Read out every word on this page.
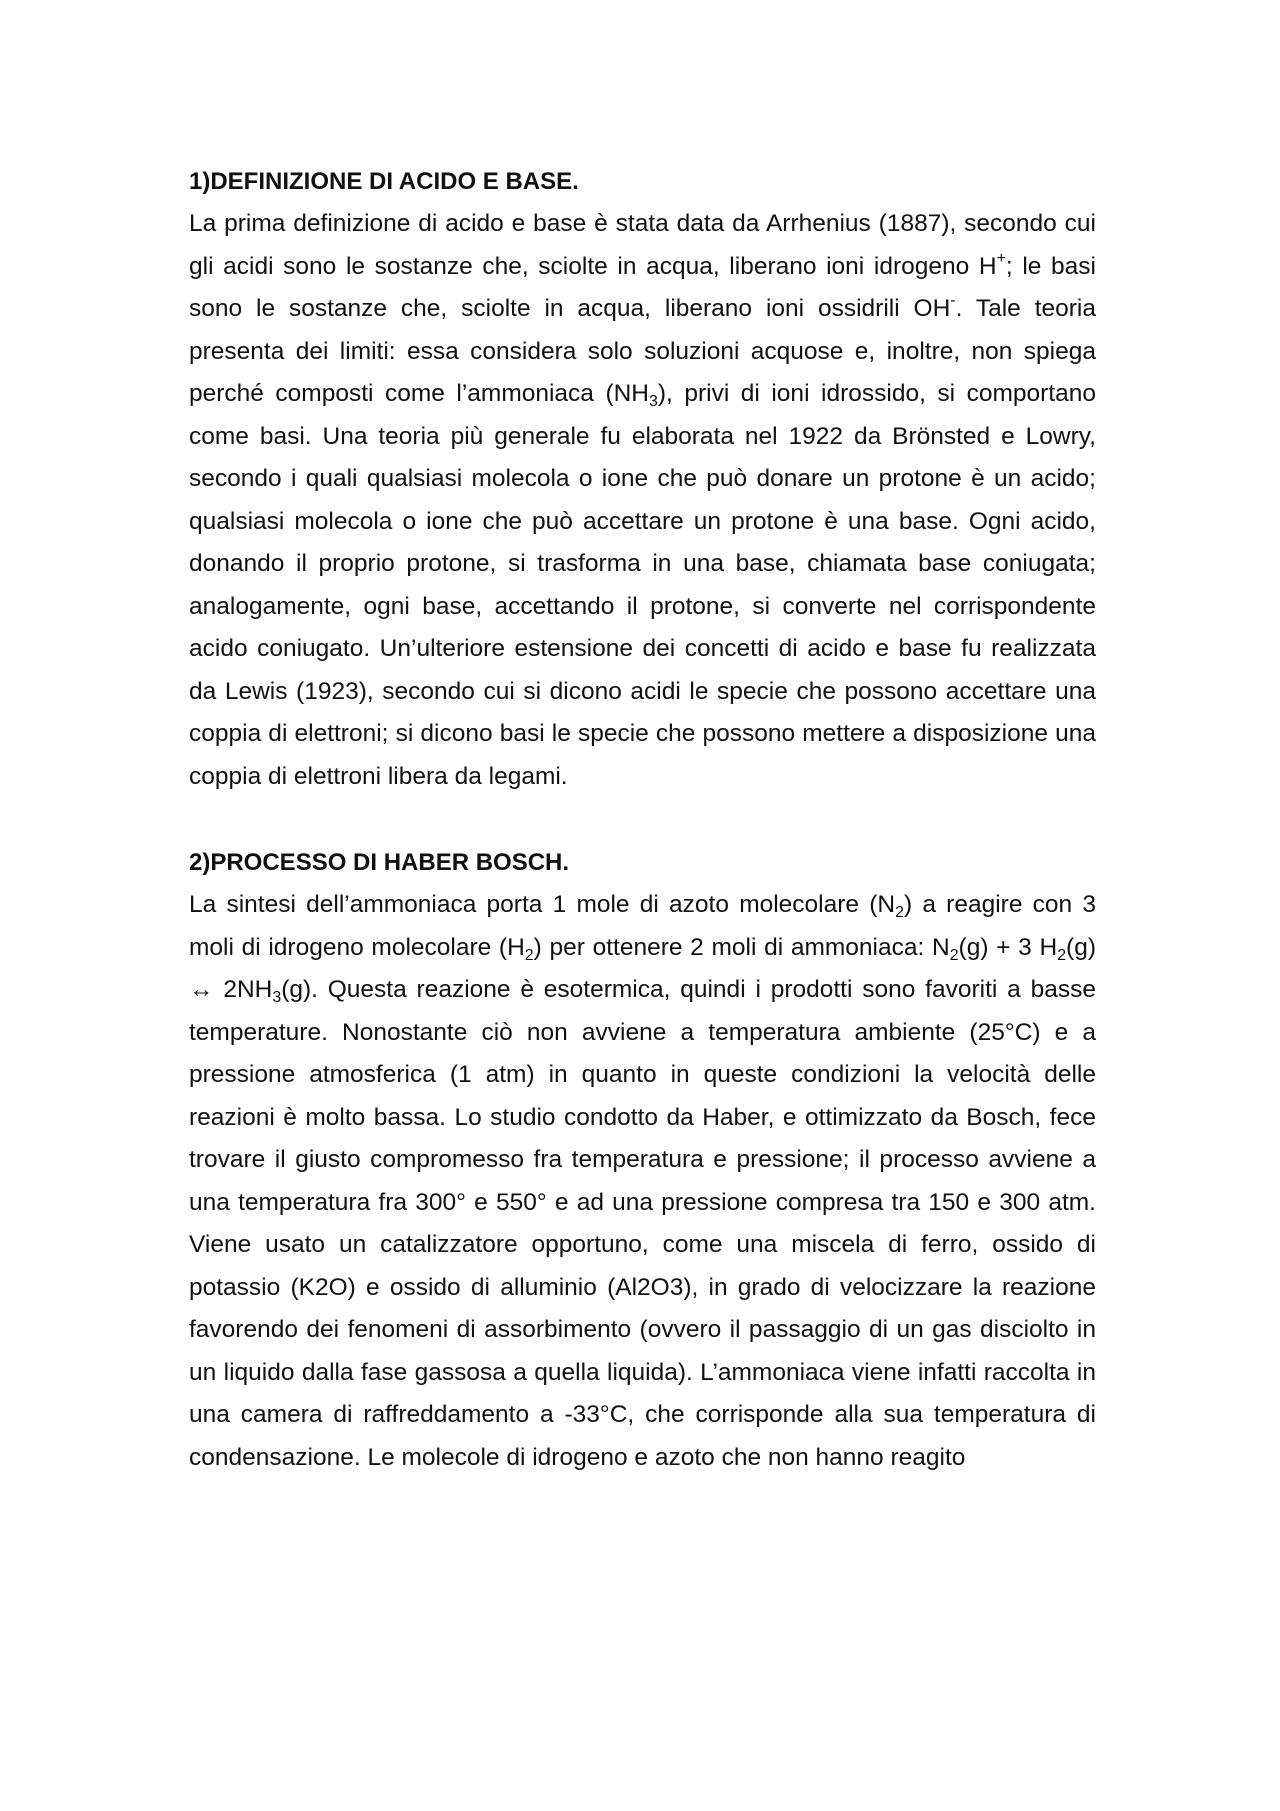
1)DEFINIZIONE DI ACIDO E BASE.

La prima definizione di acido e base è stata data da Arrhenius (1887), secondo cui gli acidi sono le sostanze che, sciolte in acqua, liberano ioni idrogeno H+; le basi sono le sostanze che, sciolte in acqua, liberano ioni ossidrili OH-. Tale teoria presenta dei limiti: essa considera solo soluzioni acquose e, inoltre, non spiega perché composti come l’ammoniaca $(NH_3)$, privi di ioni idrossido, si comportano come basi. Una teoria più generale fu elaborata nel 1922 da Brönsted e Lowry, secondo i quali qualsiasi molecola o ione che può donare un protone è un acido; qualsiasi molecola o ione che può accettare un protone è una base. Ogni acido, donando il proprio protone, si trasforma in una base, chiamata base coniugata; analogamente, ogni base, accettando il protone, si converte nel corrispondente acido coniugato. Un’ulteriore estensione dei concetti di acido e base fu realizzata da Lewis (1923), secondo cui si dicono acidi le specie che possono accettare una coppia di elettroni; si dicono basi le specie che possono mettere a disposizione una coppia di elettroni libera da legami.

2)PROCESSO DI HABER BOSCH.

La sintesi dell’ammoniaca porta 1 mole di azoto molecolare $(N_2)$ a reagire con 3 moli di idrogeno molecolare $(H_2)$ per ottenere 2 moli di ammoniaca: $N_2(g) + 3$ $H_2(g)$ ↔ $2NH_3(g)$. Questa reazione è esotermica, quindi i prodotti sono favoriti a basse temperature. Nonostante ciò non avviene a temperatura ambiente (25°C) e a pressione atmosferica (1 atm) in quanto in queste condizioni la velocità delle reazioni è molto bassa. Lo studio condotto da Haber, e ottimizzato da Bosch, fece trovare il giusto compromesso fra temperatura e pressione; il processo avviene a una temperatura fra 300° e 550° e ad una pressione compresa tra 150 e 300 atm. Viene usato un catalizzatore opportuno, come una miscela di ferro, ossido di potassio (K2O) e ossido di alluminio (Al2O3), in grado di velocizzare la reazione favorendo dei fenomeni di assorbimento (ovvero il passaggio di un gas disciolto in un liquido dalla fase gassosa a quella liquida). L’ammoniaca viene infatti raccolta in una camera di raffreddamento a -33°C, che corrisponde alla sua temperatura di condensazione. Le molecole di idrogeno e azoto che non hanno reagito
